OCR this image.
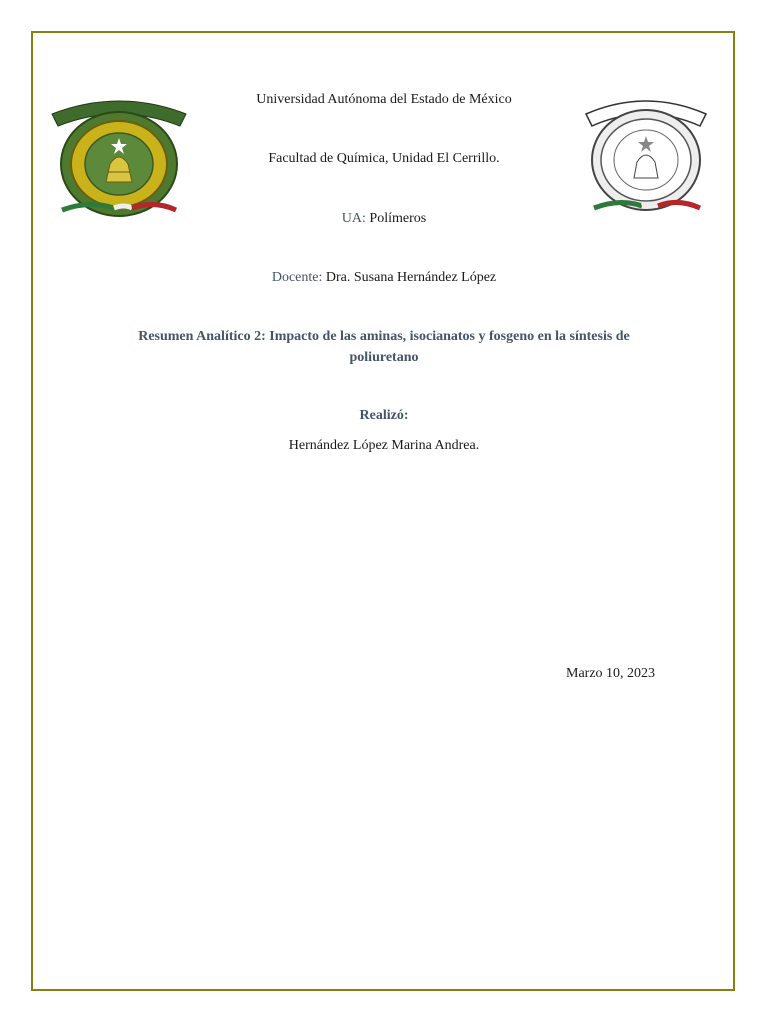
Universidad Autónoma del Estado de México
Facultad de Química, Unidad El Cerrillo.
UA: Polímeros
Docente: Dra. Susana Hernández López
Resumen Analítico 2: Impacto de las aminas, isocianatos y fosgeno en la síntesis de
poliuretano
Realizó:
Hernández López Marina Andrea.
Marzo 10, 2023
